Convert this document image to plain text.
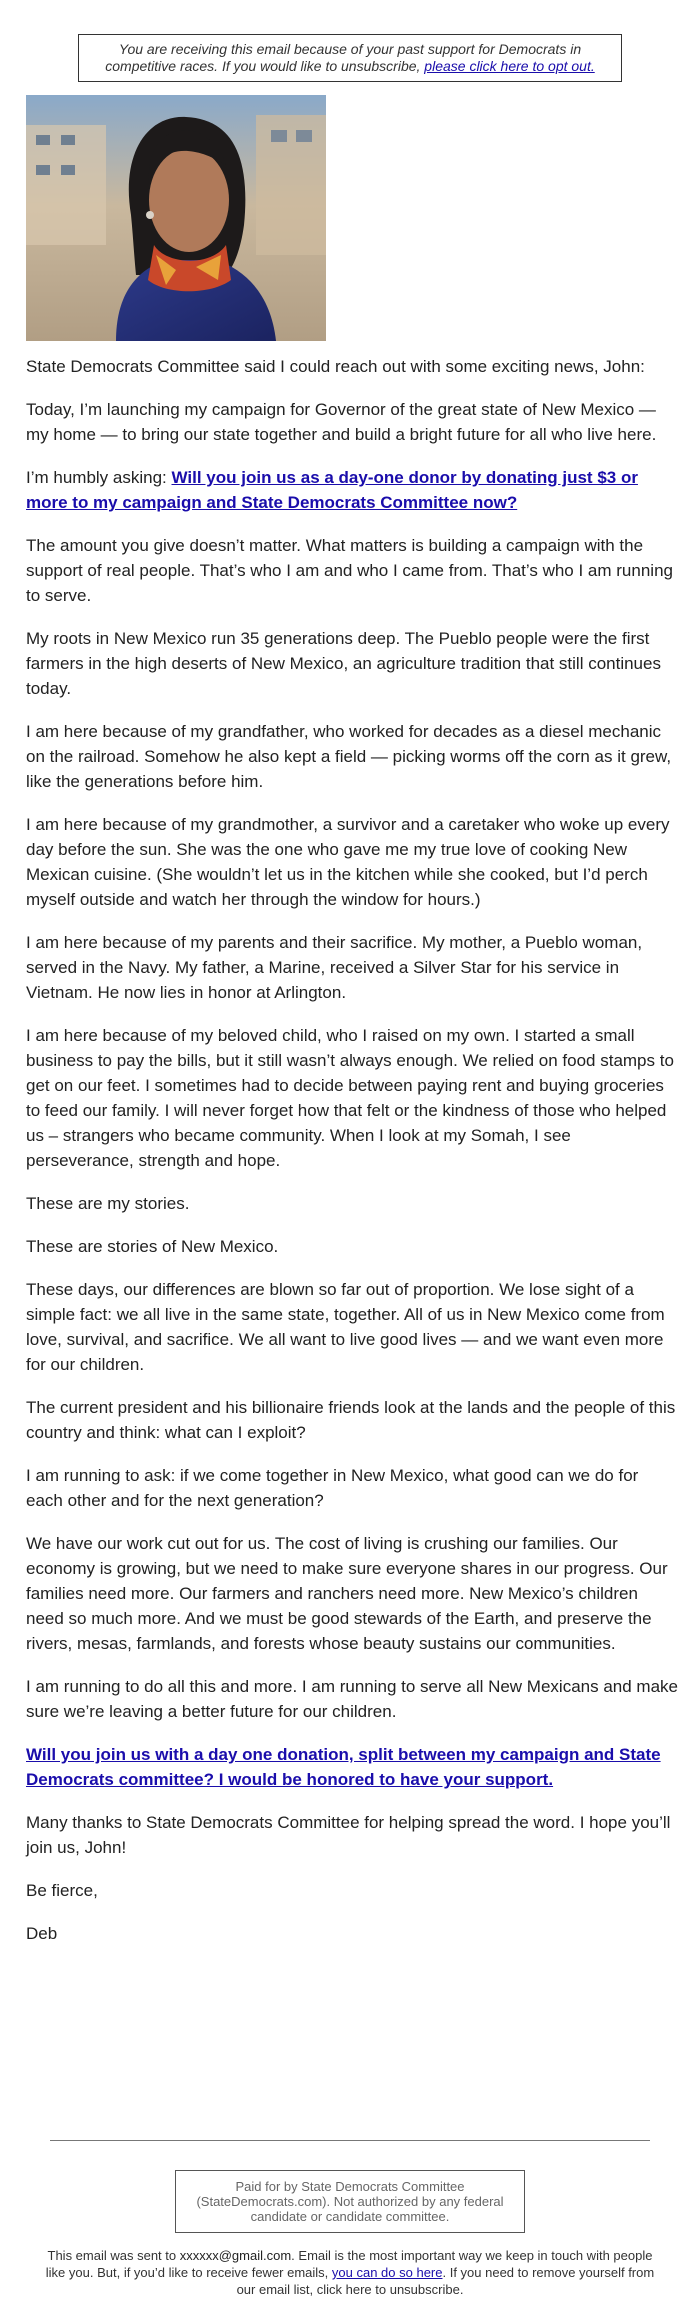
You are receiving this email because of your past support for Democrats in competitive races. If you would like to unsubscribe, please click here to opt out.

State Democrats Committee said I could reach out with some exciting news, John:

Today, I’m launching my campaign for Governor of the great state of New Mexico — my home — to bring our state together and build a bright future for all who live here.

I’m humbly asking: Will you join us as a day-one donor by donating just $3 or more to my campaign and State Democrats Committee now?

The amount you give doesn’t matter. What matters is building a campaign with the support of real people. That’s who I am and who I came from. That’s who I am running to serve.

My roots in New Mexico run 35 generations deep. The Pueblo people were the first farmers in the high deserts of New Mexico, an agriculture tradition that still continues today.

I am here because of my grandfather, who worked for decades as a diesel mechanic on the railroad. Somehow he also kept a field — picking worms off the corn as it grew, like the generations before him.

I am here because of my grandmother, a survivor and a caretaker who woke up every day before the sun. She was the one who gave me my true love of cooking New Mexican cuisine. (She wouldn’t let us in the kitchen while she cooked, but I’d perch myself outside and watch her through the window for hours.)

I am here because of my parents and their sacrifice. My mother, a Pueblo woman, served in the Navy. My father, a Marine, received a Silver Star for his service in Vietnam. He now lies in honor at Arlington.

I am here because of my beloved child, who I raised on my own. I started a small business to pay the bills, but it still wasn’t always enough. We relied on food stamps to get on our feet. I sometimes had to decide between paying rent and buying groceries to feed our family. I will never forget how that felt or the kindness of those who helped us – strangers who became community. When I look at my Somah, I see perseverance, strength and hope.

These are my stories.

These are stories of New Mexico.

These days, our differences are blown so far out of proportion. We lose sight of a simple fact: we all live in the same state, together. All of us in New Mexico come from love, survival, and sacrifice. We all want to live good lives — and we want even more for our children.

The current president and his billionaire friends look at the lands and the people of this country and think: what can I exploit?

I am running to ask: if we come together in New Mexico, what good can we do for each other and for the next generation?

We have our work cut out for us. The cost of living is crushing our families. Our economy is growing, but we need to make sure everyone shares in our progress. Our families need more. Our farmers and ranchers need more. New Mexico’s children need so much more. And we must be good stewards of the Earth, and preserve the rivers, mesas, farmlands, and forests whose beauty sustains our communities.

I am running to do all this and more. I am running to serve all New Mexicans and make sure we’re leaving a better future for our children.

Will you join us with a day one donation, split between my campaign and State Democrats committee? I would be honored to have your support.

Many thanks to State Democrats Committee for helping spread the word. I hope you’ll join us, John!

Be fierce,

Deb

Paid for by State Democrats Committee (StateDemocrats.com). Not authorized by any federal candidate or candidate committee.
This email was sent to xxxxxx@gmail.com. Email is the most important way we keep in touch with people like you. But, if you’d like to receive fewer emails, you can do so here. If you need to remove yourself from our email list, click here to unsubscribe.
